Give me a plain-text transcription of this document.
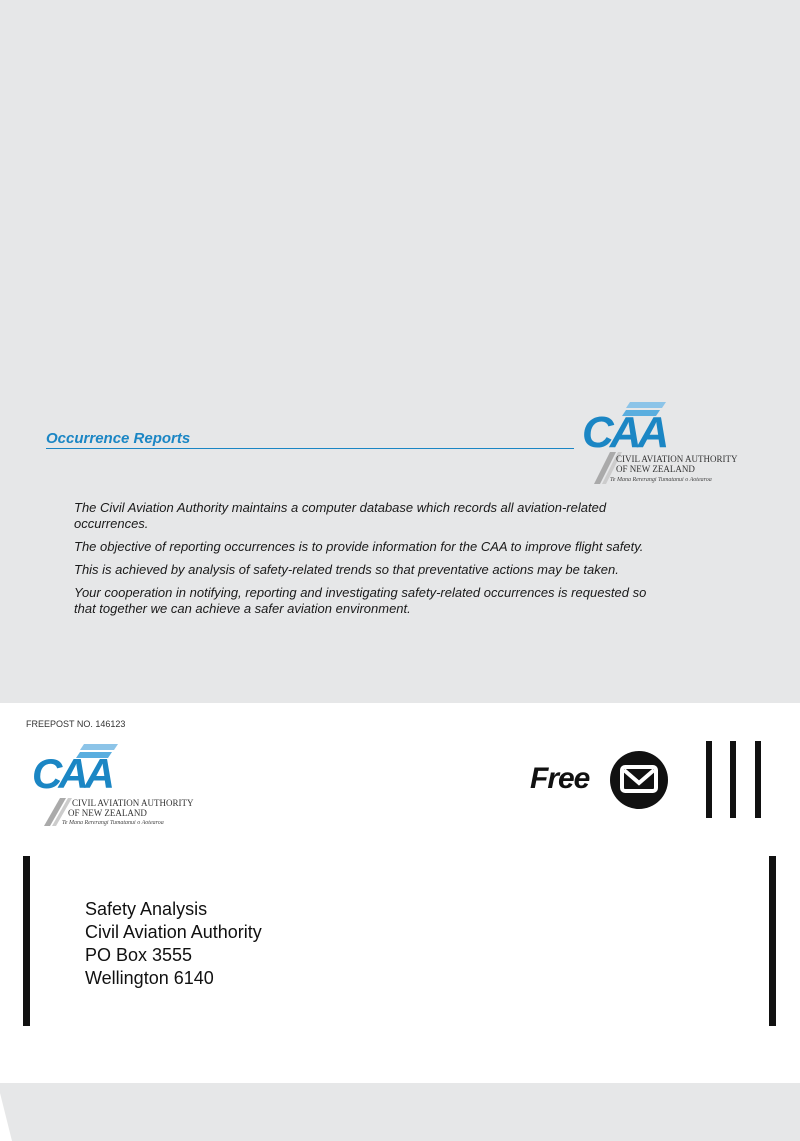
Occurrence Reports	CAA
CIVIL AVIATION AUTHORITY
OF NEW ZEALAND
Te Mana Rererangi Tumatanui o Aotearoa

The Civil Aviation Authority maintains a computer database which records all aviation-related occurrences.

The objective of reporting occurrences is to provide information for the CAA to improve flight safety.

This is achieved by analysis of safety-related trends so that preventative actions may be taken.

Your cooperation in notifying, reporting and investigating safety-related occurrences is requested so that together we can achieve a safer aviation environment.

FREEPOST NO. 146123
CAA
CIVIL AVIATION AUTHORITY
OF NEW ZEALAND
Te Mana Rererangi Tumatanui o Aotearoa
Free
Safety Analysis
Civil Aviation Authority
PO Box 3555
Wellington 6140
